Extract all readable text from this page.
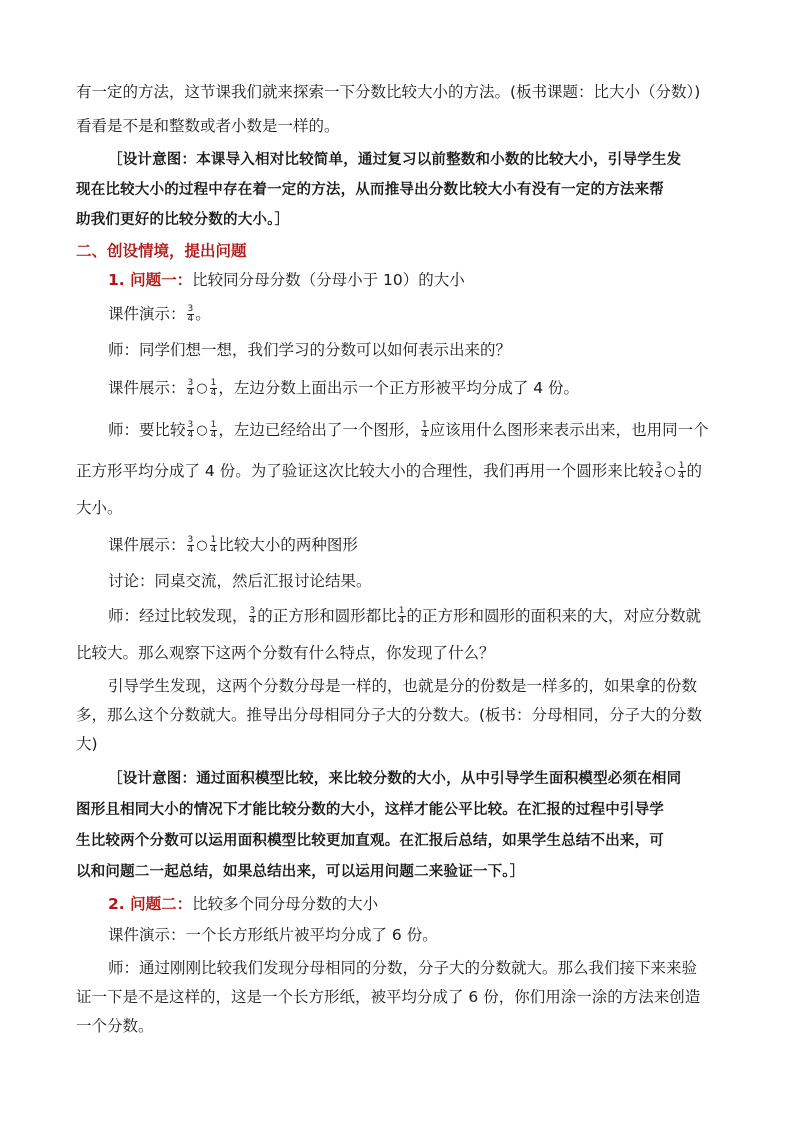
有一定的方法，这节课我们就来探索一下分数比较大小的方法。(板书课题：比大小（分数）)
看看是不是和整数或者小数是一样的。
［设计意图：本课导入相对比较简单，通过复习以前整数和小数的比较大小，引导学生发
现在比较大小的过程中存在着一定的方法，从而推导出分数比较大小有没有一定的方法来帮
助我们更好的比较分数的大小。］
二、创设情境，提出问题
1. 问题一：比较同分母分数（分母小于 10）的大小
课件演示： $\frac{3}{4}$ 。
师：同学们想一想，我们学习的分数可以如何表示出来的？
课件展示： $\frac{3}{4}$ ○ $\frac{1}{4}$ ，左边分数上面出示一个正方形被平均分成了 4 份。
师：要比较 $\frac{3}{4}$ ○ $\frac{1}{4}$ ，左边已经给出了一个图形， $\frac{1}{4}$ 应该用什么图形来表示出来，也用同一个
正方形平均分成了 4 份。为了验证这次比较大小的合理性，我们再用一个圆形来比较 $\frac{3}{4}$ ○ $\frac{1}{4}$ 的
大小。
课件展示： $\frac{3}{4}$ ○ $\frac{1}{4}$ 比较大小的两种图形
讨论：同桌交流，然后汇报讨论结果。
师：经过比较发现， $\frac{3}{4}$ 的正方形和圆形都比 $\frac{1}{4}$ 的正方形和圆形的面积来的大，对应分数就
比较大。那么观察下这两个分数有什么特点，你发现了什么？
引导学生发现，这两个分数分母是一样的，也就是分的份数是一样多的，如果拿的份数
多，那么这个分数就大。推导出分母相同分子大的分数大。(板书：分母相同，分子大的分数
大)
［设计意图：通过面积模型比较，来比较分数的大小，从中引导学生面积模型必须在相同
图形且相同大小的情况下才能比较分数的大小，这样才能公平比较。在汇报的过程中引导学
生比较两个分数可以运用面积模型比较更加直观。在汇报后总结，如果学生总结不出来，可
以和问题二一起总结，如果总结出来，可以运用问题二来验证一下。］
2. 问题二：比较多个同分母分数的大小
课件演示：一个长方形纸片被平均分成了 6 份。
师：通过刚刚比较我们发现分母相同的分数，分子大的分数就大。那么我们接下来来验
证一下是不是这样的，这是一个长方形纸，被平均分成了 6 份，你们用涂一涂的方法来创造
一个分数。
